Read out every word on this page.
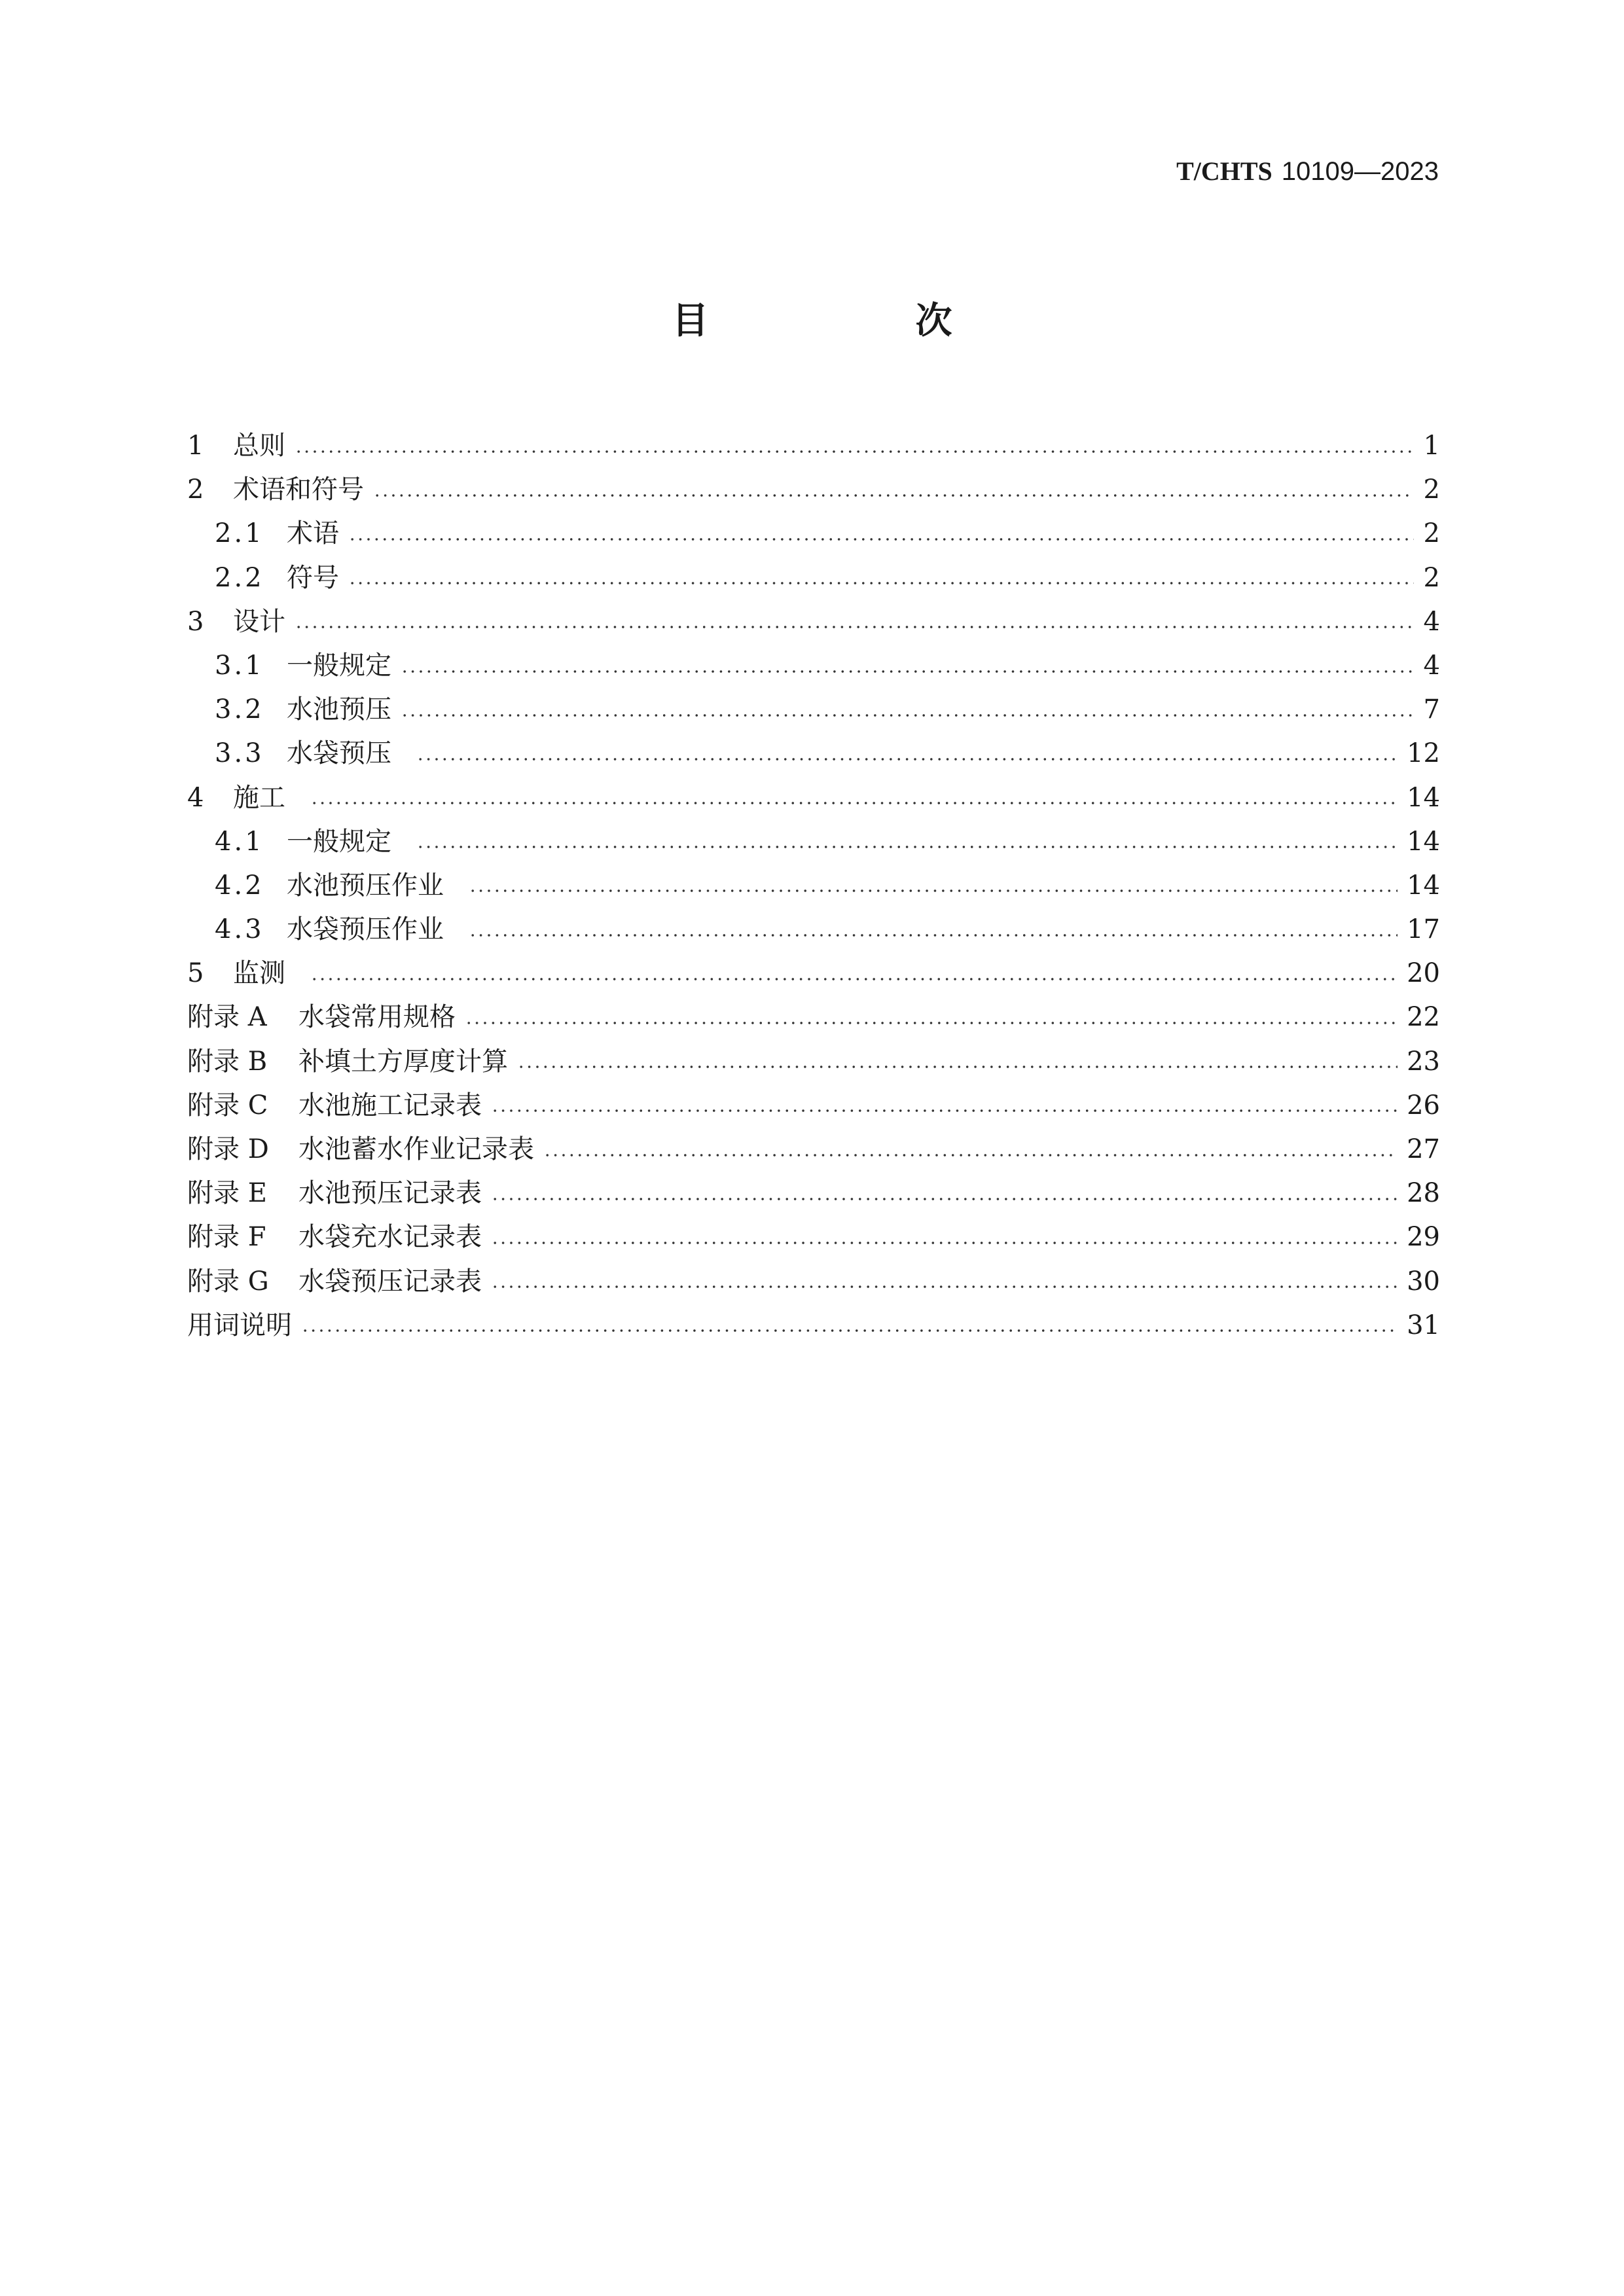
T/CHTS 10109—2023
目　次
1	总则	1
2	术语和符号	2
2.1 术语	2
2.2 符号	2
3	设计	4
3.1 一般规定	4
3.2 水池预压	7
3.3 水袋预压	12
4	施工	14
4.1 一般规定	14
4.2 水池预压作业	14
4.3 水袋预压作业	17
5	监测	20
附录 A	水袋常用规格	22
附录 B	补填土方厚度计算	23
附录 C	水池施工记录表	26
附录 D	水池蓄水作业记录表	27
附录 E	水池预压记录表	28
附录 F	水袋充水记录表	29
附录 G	水袋预压记录表	30
用词说明	31
